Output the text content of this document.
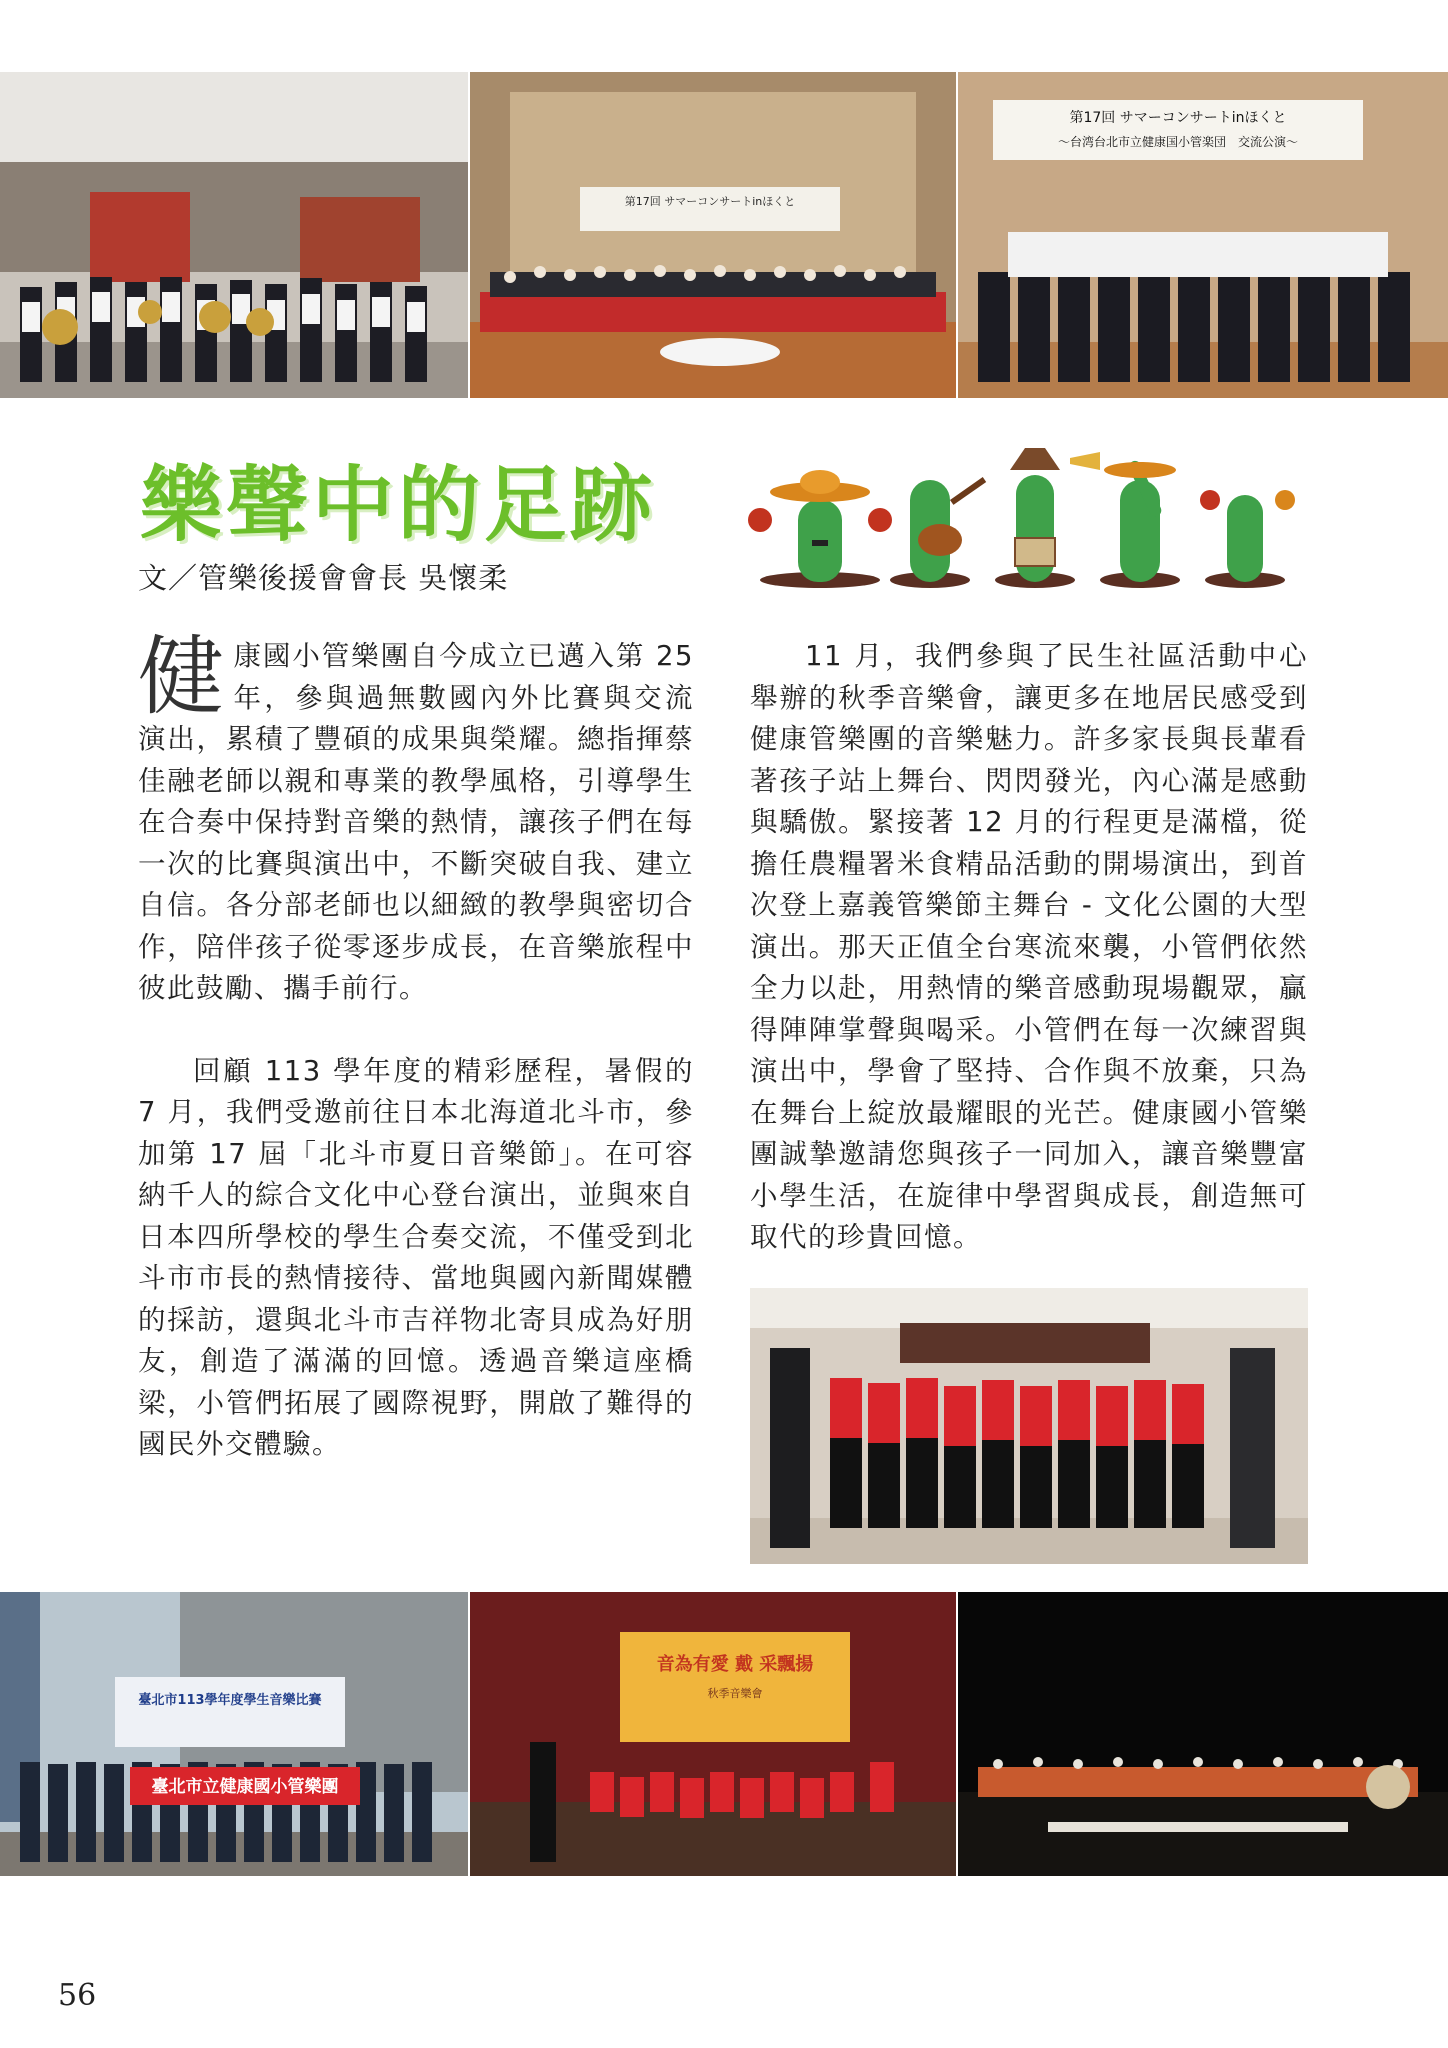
第17回 サマーコンサートinほくと
第17回 サマーコンサートinほくと
〜台湾台北市立健康国小管楽団　交流公演〜
樂聲中的足跡
文／管樂後援會會長 吳懷柔

健康國小管樂團自今成立已邁入第 25 年，參與過無數國內外比賽與交流演出，累積了豐碩的成果與榮耀。總指揮蔡佳融老師以親和專業的教學風格，引導學生在合奏中保持對音樂的熱情，讓孩子們在每一次的比賽與演出中，不斷突破自我、建立自信。各分部老師也以細緻的教學與密切合作，陪伴孩子從零逐步成長，在音樂旅程中彼此鼓勵、攜手前行。

回顧 113 學年度的精彩歷程，暑假的 7 月，我們受邀前往日本北海道北斗市，參加第 17 屆「北斗市夏日音樂節」。在可容納千人的綜合文化中心登台演出，並與來自日本四所學校的學生合奏交流，不僅受到北斗市市長的熱情接待、當地與國內新聞媒體的採訪，還與北斗市吉祥物北寄貝成為好朋友，創造了滿滿的回憶。透過音樂這座橋梁，小管們拓展了國際視野，開啟了難得的國民外交體驗。

11 月，我們參與了民生社區活動中心舉辦的秋季音樂會，讓更多在地居民感受到健康管樂團的音樂魅力。許多家長與長輩看著孩子站上舞台、閃閃發光，內心滿是感動與驕傲。緊接著 12 月的行程更是滿檔，從擔任農糧署米食精品活動的開場演出，到首次登上嘉義管樂節主舞台 - 文化公園的大型演出。那天正值全台寒流來襲，小管們依然全力以赴，用熱情的樂音感動現場觀眾，贏得陣陣掌聲與喝采。小管們在每一次練習與演出中，學會了堅持、合作與不放棄，只為在舞台上綻放最耀眼的光芒。健康國小管樂團誠摯邀請您與孩子一同加入，讓音樂豐富小學生活，在旋律中學習與成長，創造無可取代的珍貴回憶。

臺北市113學年度學生音樂比賽
臺北市立健康國小管樂團
音為有愛 戴 采飄揚
秋季音樂會
56
